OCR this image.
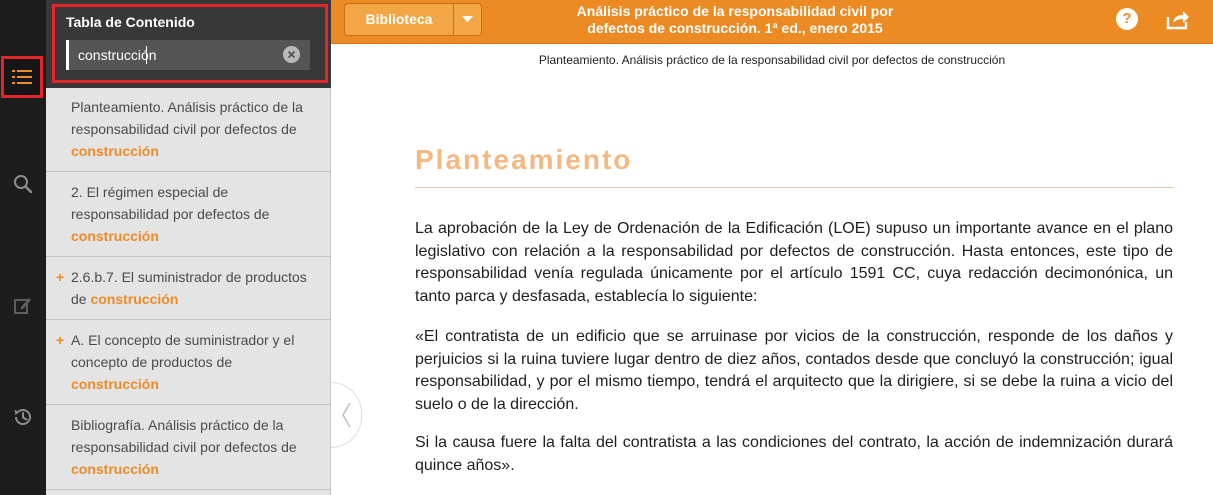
Tabla de Contenido
construcción
Planteamiento. Análisis práctico de la responsabilidad civil por defectos de construcción
2. El régimen especial de responsabilidad por defectos de construcción
+ 2.6.b.7. El suministrador de productos de construcción
+ A. El concepto de suministrador y el concepto de productos de construcción
Bibliografía. Análisis práctico de la responsabilidad civil por defectos de construcción
Biblioteca	Análisis práctico de la responsabilidad civil por defectos de construcción. 1ª ed., enero 2015
?
Planteamiento. Análisis práctico de la responsabilidad civil por defectos de construcción
Planteamiento
La aprobación de la Ley de Ordenación de la Edificación (LOE) supuso un importante avance en el plano legislativo con relación a la responsabilidad por defectos de construcción. Hasta entonces, este tipo de responsabilidad venía regulada únicamente por el artículo 1591 CC, cuya redacción decimonónica, un tanto parca y desfasada, establecía lo siguiente:
«El contratista de un edificio que se arruinase por vicios de la construcción, responde de los daños y perjuicios si la ruina tuviere lugar dentro de diez años, contados desde que concluyó la construcción; igual responsabilidad, y por el mismo tiempo, tendrá el arquitecto que la dirigiere, si se debe la ruina a vicio del suelo o de la dirección.
Si la causa fuere la falta del contratista a las condiciones del contrato, la acción de indemnización durará quince años».
